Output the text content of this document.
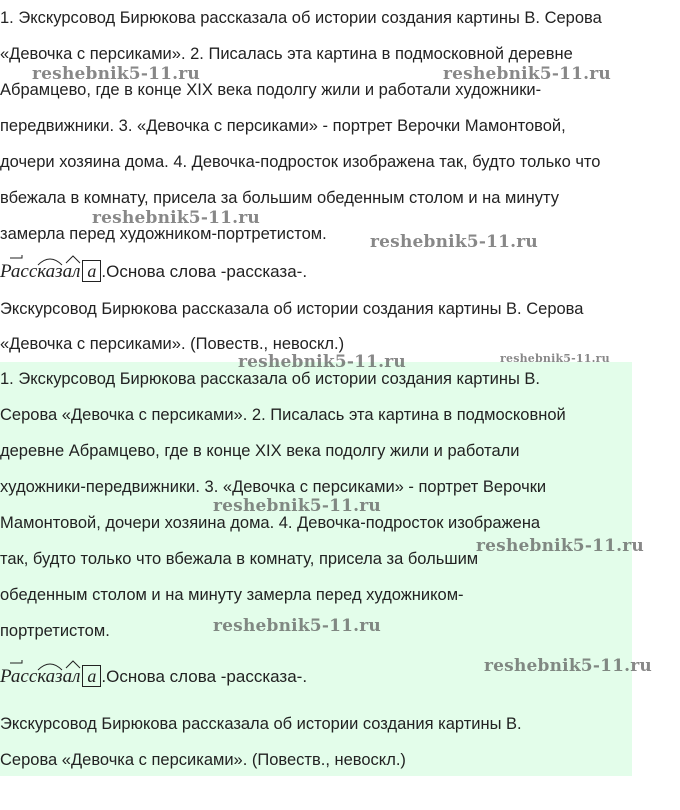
1. Экскурсовод Бирюкова рассказала об истории создания картины В. Серова
«Девочка с персиками». 2. Писалась эта картина в подмосковной деревне
Абрамцево, где в конце XIX века подолгу жили и работали художники-
передвижники. 3. «Девочка с персиками» - портрет Верочки Мамонтовой,
дочери хозяина дома. 4. Девочка-подросток изображена так, будто только что
вбежала в комнату, присела за большим обеденным столом и на минуту
замерла перед художником-портретистом.
Рассказал а .Основа слова -рассказа-.
Экскурсовод Бирюкова рассказала об истории создания картины В. Серова
«Девочка с персиками». (Повеств., невоскл.)
1. Экскурсовод Бирюкова рассказала об истории создания картины В.
Серова «Девочка с персиками». 2. Писалась эта картина в подмосковной
деревне Абрамцево, где в конце XIX века подолгу жили и работали
художники-передвижники. 3. «Девочка с персиками» - портрет Верочки
Мамонтовой, дочери хозяина дома. 4. Девочка-подросток изображена
так, будто только что вбежала в комнату, присела за большим
обеденным столом и на минуту замерла перед художником-
портретистом.
Рассказал а .Основа слова -рассказа-.
Экскурсовод Бирюкова рассказала об истории создания картины В.
Серова «Девочка с персиками». (Повеств., невоскл.)
reshebnik5-11.ru	reshebnik5-11.ru
reshebnik5-11.ru
reshebnik5-11.ru
reshebnik5-11.ru	reshebnik5-11.ru
reshebnik5-11.ru
reshebnik5-11.ru
reshebnik5-11.ru
reshebnik5-11.ru
